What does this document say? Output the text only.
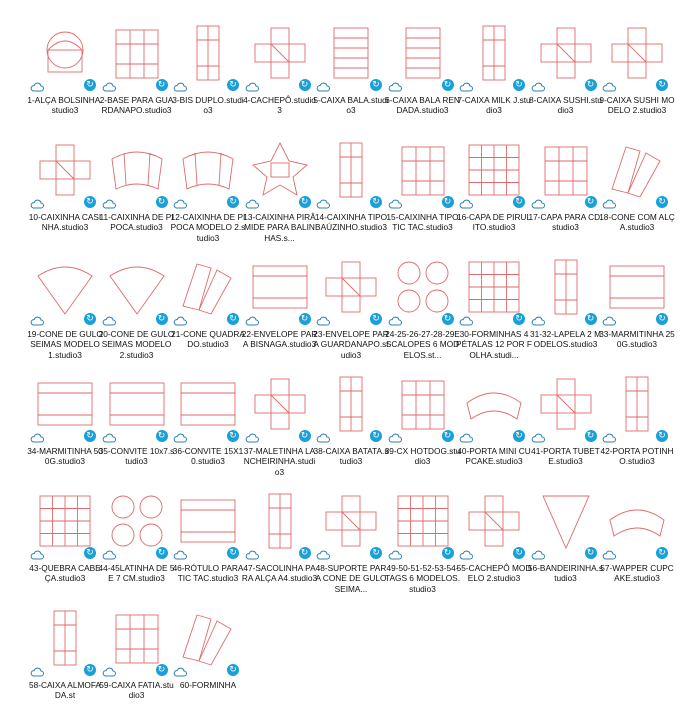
↻
1-ALÇA BOLSINHA.studio3
↻
2-BASE PARA GUARDANAPO.studio3
↻
3-BIS DUPLO.studio3
↻
4-CACHEPÔ.studio3
↻
5-CAIXA BALA.studio3
↻
6-CAIXA BALA RENDADA.studio3
↻
7-CAIXA MILK J.studio3
↻
8-CAIXA SUSHI.studio3
↻
9-CAIXA SUSHI MODELO 2.studio3
↻
10-CAIXINHA CASINHA.studio3
↻
11-CAIXINHA DE PIPOCA.studio3
↻
12-CAIXINHA DE PIPOCA MODELO 2.studio3
↻
13-CAIXINHA PIRÂMIDE PARA BALINHAS.s...
↻
14-CAIXINHA TIPO BAÚZINHO.studio3
↻
15-CAIXINHA TIPO TIC TAC.studio3
↻
16-CAPA DE PIRULITO.studio3
↻
17-CAPA PARA CD.studio3
↻
18-CONE COM ALÇA.studio3
↻
19-CONE DE GULOSEIMAS MODELO 1.studio3
↻
20-CONE DE GULOSEIMAS MODELO 2.studio3
↻
21-CONE QUADRADO.studio3
↻
22-ENVELOPE PARA BISNAGA.studio3
↻
23-ENVELOPE PARA GUARDANAPO.studio3
↻
24-25-26-27-28-29ESCALOPES 6 MODELOS.st...
↻
30-FORMINHAS 4 PÉTALAS 12 POR FOLHA.studi...
↻
31-32-LAPELA 2 MODELOS.studio3
↻
33-MARMITINHA 250G.studio3
↻
34-MARMITINHA 500G.studio3
↻
35-CONVITE 10x7.studio3
↻
36-CONVITE 15X10.studio3
↻
37-MALETINHA LANCHEIRINHA.studio3
↻
38-CAIXA BATATA.studio3
↻
39-CX HOTDOG.studio3
↻
40-PORTA MINI CUPCAKE.studio3
↻
41-PORTA TUBETE.studio3
↻
42-PORTA POTINHO.studio3
↻
43-QUEBRA CABEÇA.studio3
↻
44-45LATINHA DE 5 E 7 CM.studio3
↻
46-RÓTULO PARA TIC TAC.studio3
↻
47-SACOLINHA PARA ALÇA A4.studio3
↻
48-SUPORTE PARA CONE DE GULOSEIMA...
↻
49-50-51-52-53-54-TAGS 6 MODELOS.studio3
↻
55-CACHEPÔ MODELO 2.studio3
↻
56-BANDEIRINHA.studio3
↻
57-WAPPER CUPCAKE.studio3
↻
58-CAIXA ALMOFADA.st
↻
59-CAIXA FATIA.studio3
↻
60-FORMINHA
